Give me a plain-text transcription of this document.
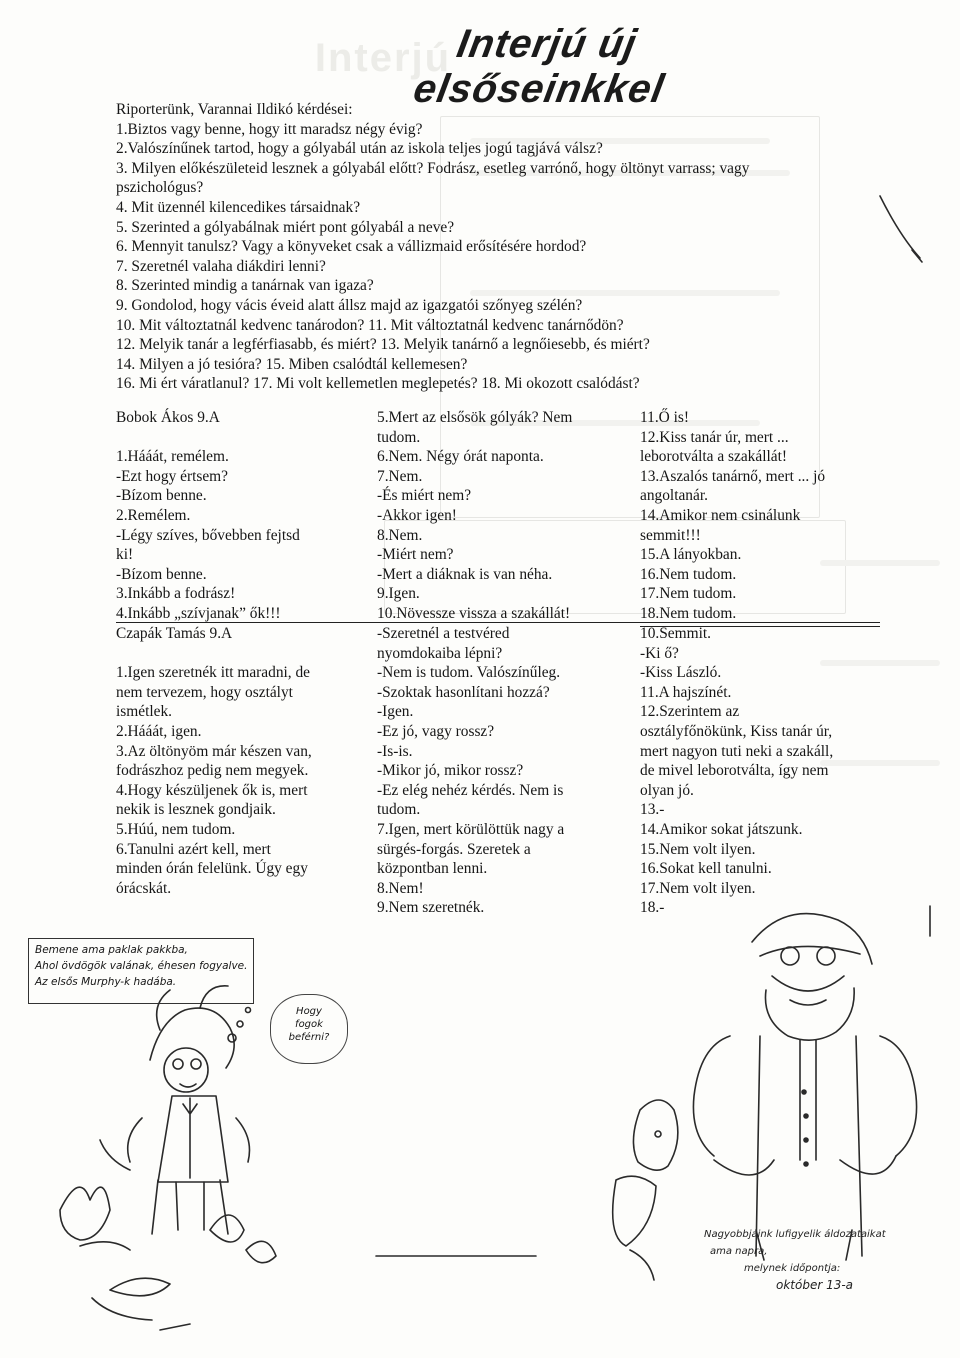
Interjú Interjú új elsőseinkkel
Riporterünk, Varannai Ildikó kérdései:
1.Biztos vagy benne, hogy itt maradsz négy évig?
2.Valószínűnek tartod, hogy a gólyabál után az iskola teljes jogú tagjává válsz?
3. Milyen előkészületeid lesznek a gólyabál előtt? Fodrász, esetleg varrónő, hogy öltönyt varrass; vagy
pszichológus?
4. Mit üzennél kilencedikes társaidnak?
5. Szerinted a gólyabálnak miért pont gólyabál a neve?
6. Mennyit tanulsz? Vagy a könyveket csak a vállizmaid erősítésére hordod?
7. Szeretnél valaha diákdiri lenni?
8. Szerinted mindig a tanárnak van igaza?
9. Gondolod, hogy vácis éveid alatt állsz majd az igazgatói szőnyeg szélén?
10. Mit változtatnál kedvenc tanárodon? 11. Mit változtatnál kedvenc tanárnődön?
12. Melyik tanár a legférfiasabb, és miért? 13. Melyik tanárnő a legnőiesebb, és miért?
14. Milyen a jó tesióra? 15. Miben csalódtál kellemesen?
16. Mi ért váratlanul? 17. Mi volt kellemetlen meglepetés? 18. Mi okozott csalódást?
Bobok Ákos 9.A

1.Hááát, remélem.
-Ezt hogy értsem?
-Bízom benne.
2.Remélem.
-Légy szíves, bővebben fejtsd
ki!
-Bízom benne.
3.Inkább a fodrász!
4.Inkább „szívjanak” ők!!!
5.Mert az elsősök gólyák? Nem
tudom.
6.Nem. Négy órát naponta.
7.Nem.
-És miért nem?
-Akkor igen!
8.Nem.
-Miért nem?
-Mert a diáknak is van néha.
9.Igen.
10.Növessze vissza a szakállát!
11.Ő is!
12.Kiss tanár úr, mert ...
leborotválta a szakállát!
13.Aszalós tanárnő, mert ... jó
angoltanár.
14.Amikor nem csinálunk
semmit!!!
15.A lányokban.
16.Nem tudom.
17.Nem tudom.
18.Nem tudom.
Czapák Tamás 9.A

1.Igen szeretnék itt maradni, de
nem tervezem, hogy osztályt
ismétlek.
2.Hááát, igen.
3.Az öltönyöm már készen van,
fodrászhoz pedig nem megyek.
4.Hogy készüljenek ők is, mert
nekik is lesznek gondjaik.
5.Húú, nem tudom.
6.Tanulni azért kell, mert
minden órán felelünk. Úgy egy
órácskát.
-Szeretnél a testvéred
nyomdokaiba lépni?
-Nem is tudom. Valószínűleg.
-Szoktak hasonlítani hozzá?
-Igen.
-Ez jó, vagy rossz?
-Is-is.
-Mikor jó, mikor rossz?
-Ez elég nehéz kérdés. Nem is
tudom.
7.Igen, mert körülöttük nagy a
sürgés-forgás. Szeretek a
központban lenni.
8.Nem!
9.Nem szeretnék.
10.Semmit.
-Ki ő?
-Kiss László.
11.A hajszínét.
12.Szerintem az
osztályfőnökünk, Kiss tanár úr,
mert nagyon tuti neki a szakáll,
de mivel leborotválta, így nem
olyan jó.
13.-
14.Amikor sokat játszunk.
15.Nem volt ilyen.
16.Sokat kell tanulni.
17.Nem volt ilyen.
18.-
Bemene ama paklak pakkba,
Ahol övdögök valának, éhesen fogyalve.
Az elsős Murphy-k hadába.
Hogy
fogok
beférni?
Nagyobbjaink lufigyelik áldozataikat
ama napra,
melynek időpontja:
október 13-a
